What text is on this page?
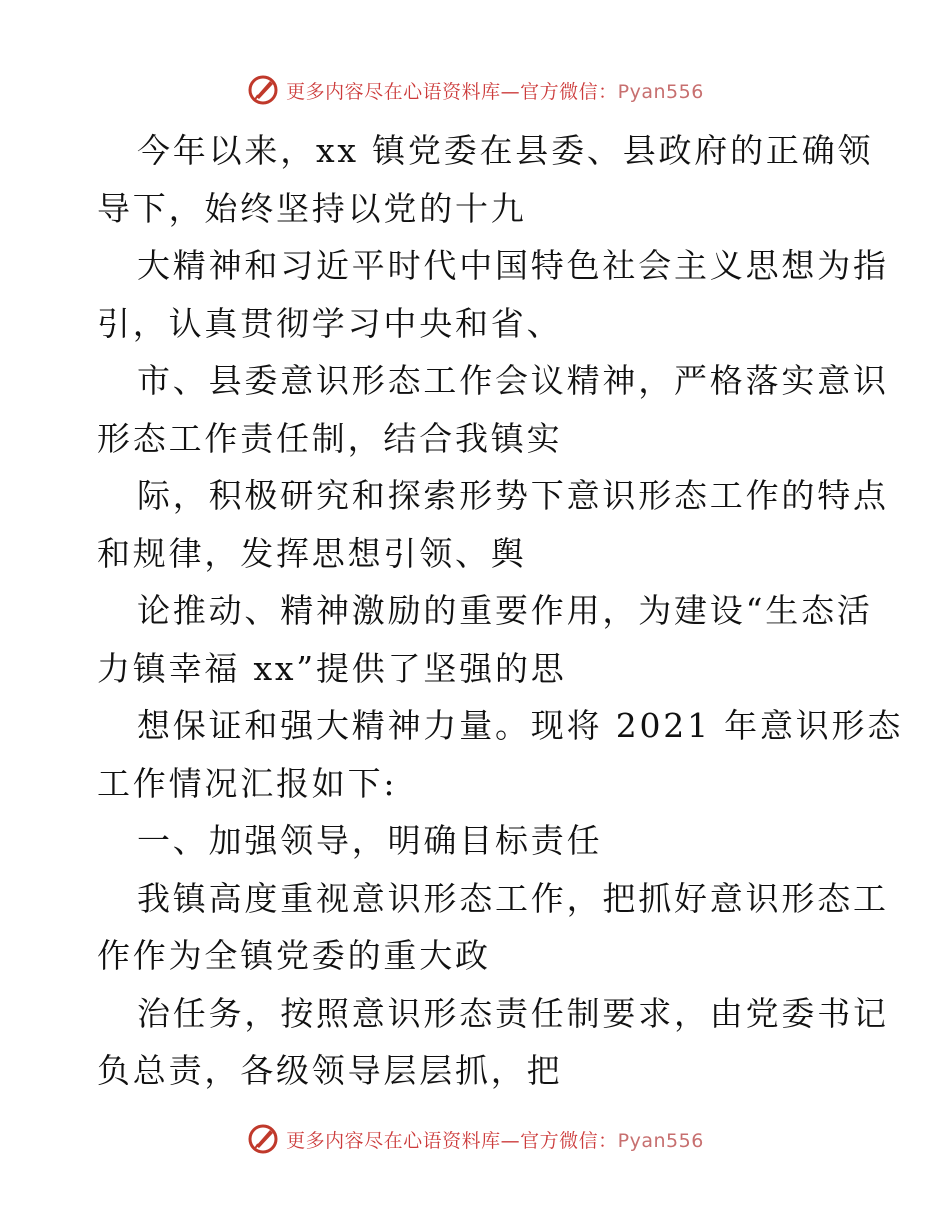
更多内容尽在心语资料库—官方微信：Pyan556
今年以来，xx 镇党委在县委、县政府的正确领
导下，始终坚持以党的十九
大精神和习近平时代中国特色社会主义思想为指
引，认真贯彻学习中央和省、
市、县委意识形态工作会议精神，严格落实意识
形态工作责任制，结合我镇实
际，积极研究和探索形势下意识形态工作的特点
和规律，发挥思想引领、舆
论推动、精神激励的重要作用，为建设“生态活
力镇幸福 xx”提供了坚强的思
想保证和强大精神力量。现将 2021 年意识形态
工作情况汇报如下:
一、加强领导，明确目标责任
我镇高度重视意识形态工作，把抓好意识形态工
作作为全镇党委的重大政
治任务，按照意识形态责任制要求，由党委书记
负总责，各级领导层层抓，把
更多内容尽在心语资料库—官方微信：Pyan556
